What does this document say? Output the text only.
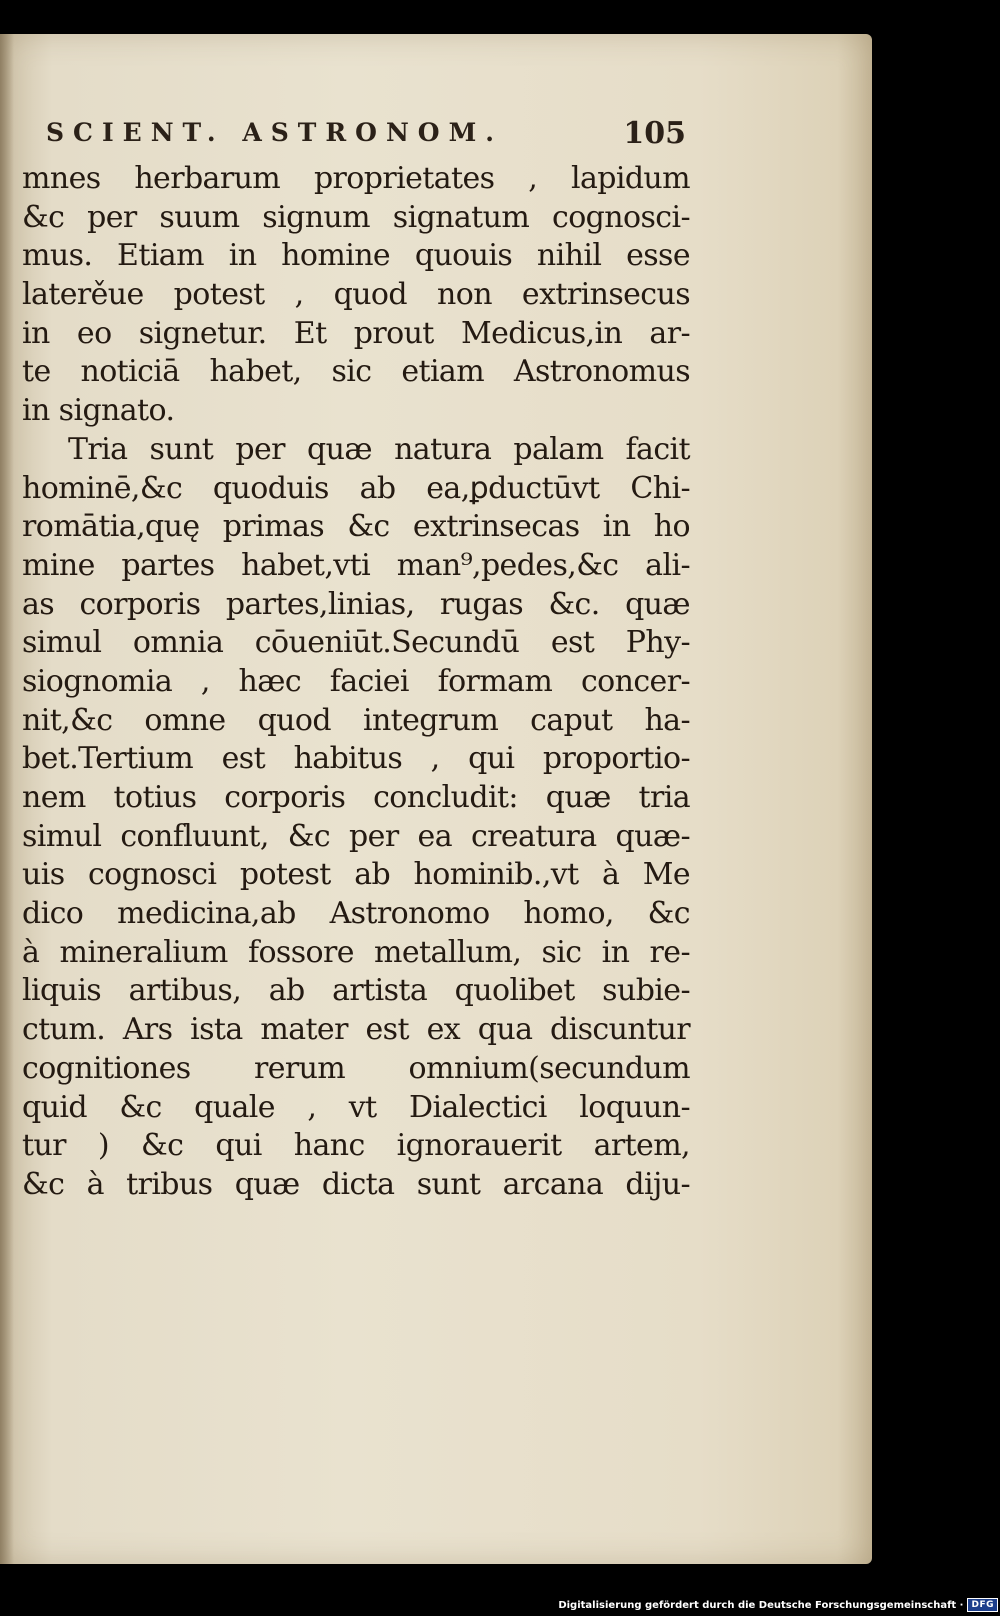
SCIENT. ASTRONOM.	105
mnes herbarum proprietates , lapidum
&c per suum signum signatum cognosci-
mus. Etiam in homine quouis nihil esse
laterěue potest , quod non extrinsecus
in eo signetur. Et prout Medicus,in ar-
te noticiā habet, sic etiam Astronomus
in signato.
Tria sunt per quæ natura palam facit
hominē,&c quoduis ab ea,ꝑductūvt Chi-
romātia,quę primas &c extrinsecas in ho
mine partes habet,vti man⁹,pedes,&c ali-
as corporis partes,linias, rugas &c. quæ
simul omnia cōueniūt.Secundū est Phy-
siognomia , hæc faciei formam concer-
nit,&c omne quod integrum caput ha-
bet.Tertium est habitus , qui proportio-
nem totius corporis concludit: quæ tria
simul confluunt, &c per ea creatura quæ-
uis cognosci potest ab hominib.,vt à Me
dico medicina,ab Astronomo homo, &c
à mineralium fossore metallum, sic in re-
liquis artibus, ab artista quolibet subie-
ctum. Ars ista mater est ex qua discuntur
cognitiones rerum omnium(secundum
quid &c quale , vt Dialectici loquun-
tur ) &c qui hanc ignorauerit artem,
&c à tribus quæ dicta sunt arcana diju-
Digitalisierung gefördert durch die Deutsche Forschungsgemeinschaft · DFG
